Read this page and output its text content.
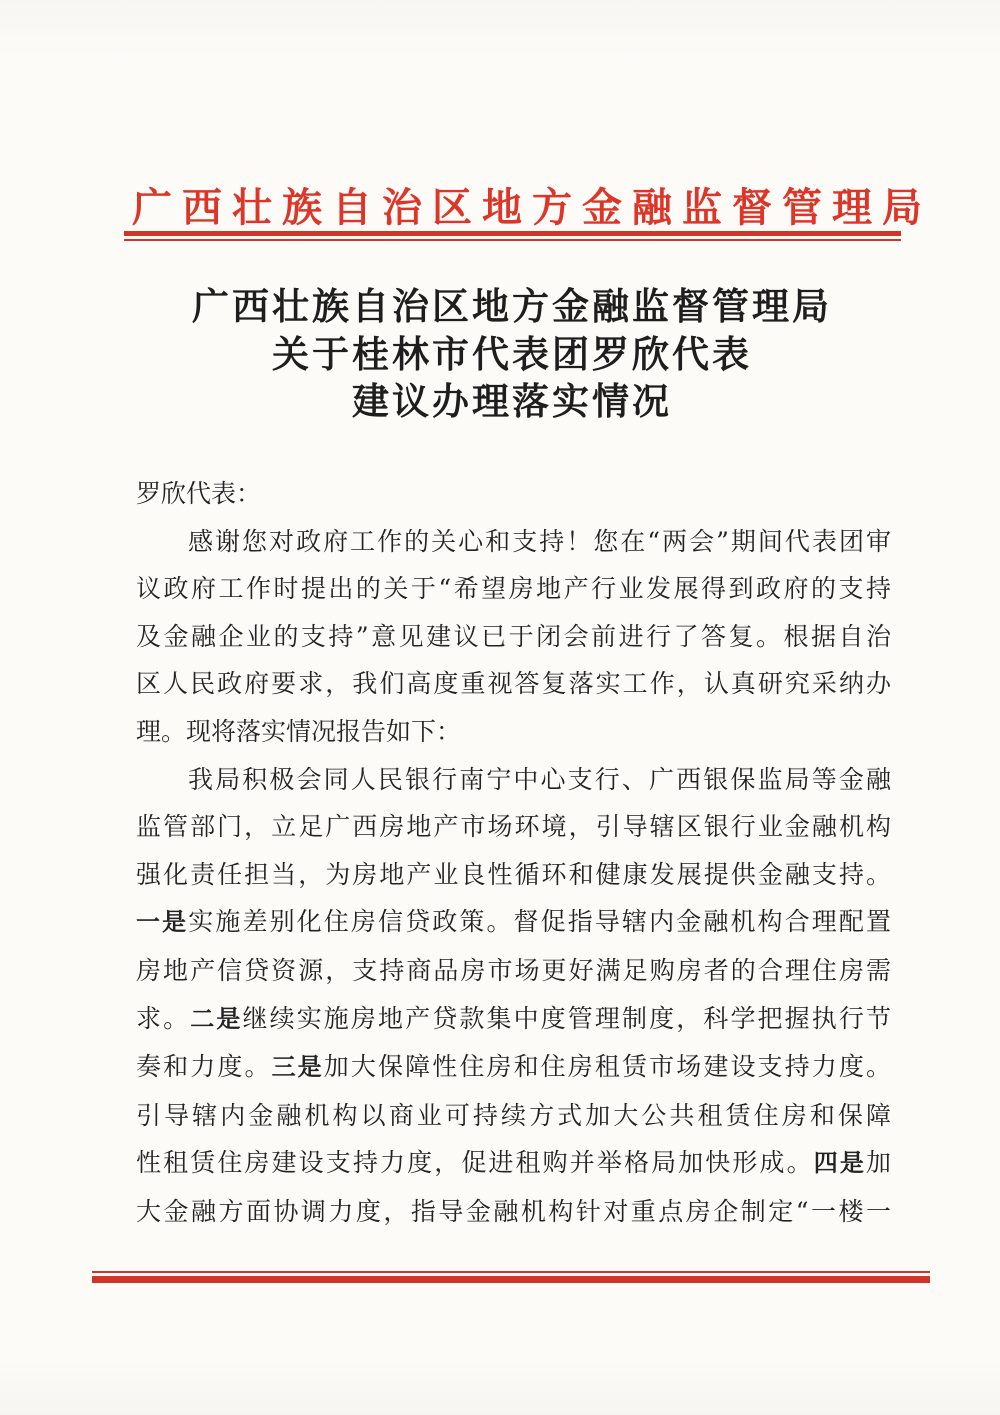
广西壮族自治区地方金融监督管理局
广西壮族自治区地方金融监督管理局
关于桂林市代表团罗欣代表
建议办理落实情况
罗欣代表：
感谢您对政府工作的关心和支持！您在“两会”期间代表团审
议政府工作时提出的关于“希望房地产行业发展得到政府的支持
及金融企业的支持”意见建议已于闭会前进行了答复。根据自治
区人民政府要求，我们高度重视答复落实工作，认真研究采纳办
理。现将落实情况报告如下：
我局积极会同人民银行南宁中心支行、广西银保监局等金融
监管部门，立足广西房地产市场环境，引导辖区银行业金融机构
强化责任担当，为房地产业良性循环和健康发展提供金融支持。
一是实施差别化住房信贷政策。督促指导辖内金融机构合理配置
房地产信贷资源，支持商品房市场更好满足购房者的合理住房需
求。二是继续实施房地产贷款集中度管理制度，科学把握执行节
奏和力度。三是加大保障性住房和住房租赁市场建设支持力度。
引导辖内金融机构以商业可持续方式加大公共租赁住房和保障
性租赁住房建设支持力度，促进租购并举格局加快形成。四是加
大金融方面协调力度，指导金融机构针对重点房企制定“一楼一
